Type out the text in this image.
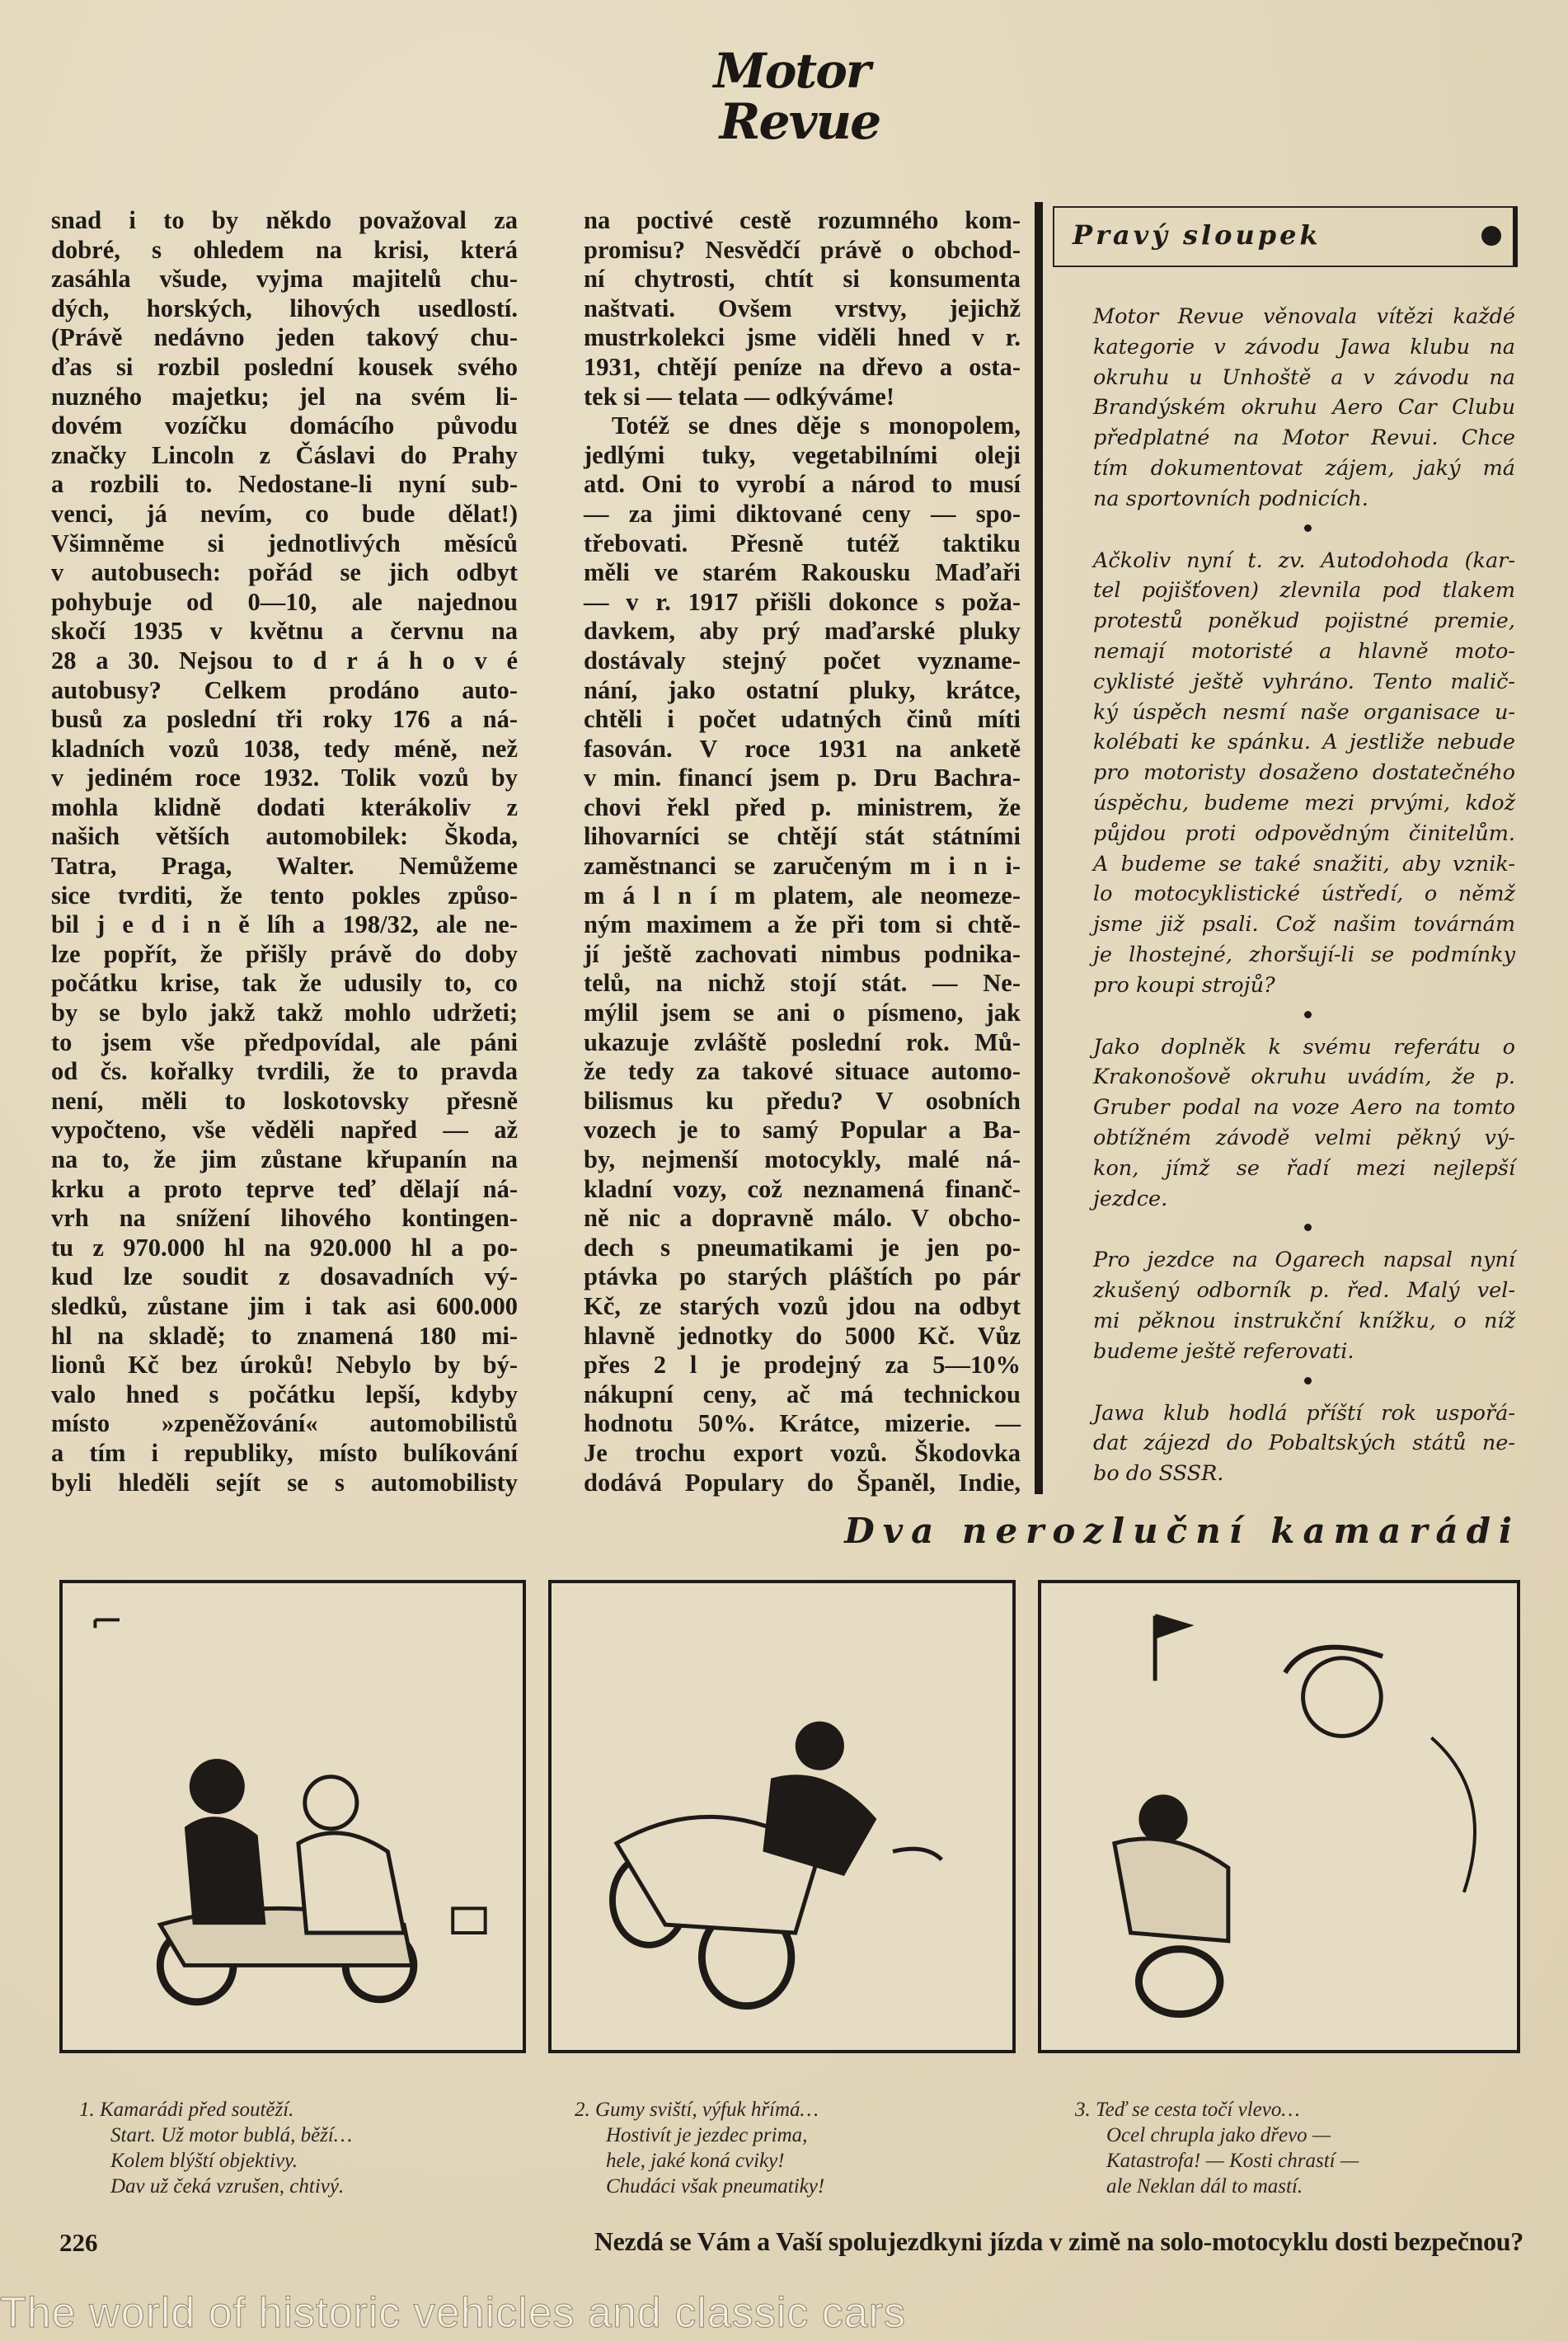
Motor
Revue
snad i to by někdo považoval za
dobré, s ohledem na krisi, která
zasáhla všude, vyjma majitelů chu-
dých, horských, lihových usedlostí.
(Právě nedávno jeden takový chu-
ďas si rozbil poslední kousek svého
nuzného majetku; jel na svém li-
dovém vozíčku domácího původu
značky Lincoln z Čáslavi do Prahy
a rozbili to. Nedostane-li nyní sub-
venci, já nevím, co bude dělat!)
Všimněme si jednotlivých měsíců
v autobusech: pořád se jich odbyt
pohybuje od 0—10, ale najednou
skočí 1935 v květnu a červnu na
28 a 30. Nejsou to d r á h o v é
autobusy? Celkem prodáno auto-
busů za poslední tři roky 176 a ná-
kladních vozů 1038, tedy méně, než
v jediném roce 1932. Tolik vozů by
mohla klidně dodati kterákoliv z
našich větších automobilek: Škoda,
Tatra, Praga, Walter. Nemůžeme
sice tvrditi, že tento pokles způso-
bil j e d i n ě líh a 198/32, ale ne-
lze popřít, že přišly právě do doby
počátku krise, tak že udusily to, co
by se bylo jakž takž mohlo udržeti;
to jsem vše předpovídal, ale páni
od čs. kořalky tvrdili, že to pravda
není, měli to loskotovsky přesně
vypočteno, vše věděli napřed — až
na to, že jim zůstane křupanín na
krku a proto teprve teď dělají ná-
vrh na snížení lihového kontingen-
tu z 970.000 hl na 920.000 hl a po-
kud lze soudit z dosavadních vý-
sledků, zůstane jim i tak asi 600.000
hl na skladě; to znamená 180 mi-
lionů Kč bez úroků! Nebylo by bý-
valo hned s počátku lepší, kdyby
místo »zpeněžování« automobilistů
a tím i republiky, místo bulíkování
byli hleděli sejít se s automobilisty
na poctivé cestě rozumného kom-
promisu? Nesvědčí právě o obchod-
ní chytrosti, chtít si konsumenta
naštvati. Ovšem vrstvy, jejichž
mustrkolekci jsme viděli hned v r.
1931, chtějí peníze na dřevo a osta-
tek si — telata — odkýváme!
Totéž se dnes děje s monopolem,
jedlými tuky, vegetabilními oleji
atd. Oni to vyrobí a národ to musí
— za jimi diktované ceny — spo-
třebovati. Přesně tutéž taktiku
měli ve starém Rakousku Maďaři
— v r. 1917 přišli dokonce s poža-
davkem, aby prý maďarské pluky
dostávaly stejný počet vyzname-
nání, jako ostatní pluky, krátce,
chtěli i počet udatných činů míti
fasován. V roce 1931 na anketě
v min. financí jsem p. Dru Bachra-
chovi řekl před p. ministrem, že
lihovarníci se chtějí stát státními
zaměstnanci se zaručeným m i n i-
m á l n í m platem, ale neomeze-
ným maximem a že při tom si chtě-
jí ještě zachovati nimbus podnika-
telů, na nichž stojí stát. — Ne-
mýlil jsem se ani o písmeno, jak
ukazuje zvláště poslední rok. Mů-
že tedy za takové situace automo-
bilismus ku předu? V osobních
vozech je to samý Popular a Ba-
by, nejmenší motocykly, malé ná-
kladní vozy, což neznamená finanč-
ně nic a dopravně málo. V obcho-
dech s pneumatikami je jen po-
ptávka po starých pláštích po pár
Kč, ze starých vozů jdou na odbyt
hlavně jednotky do 5000 Kč. Vůz
přes 2 l je prodejný za 5—10%
nákupní ceny, ač má technickou
hodnotu 50%. Krátce, mizerie. —
Je trochu export vozů. Škodovka
dodává Populary do Španěl, Indie,
Pravý sloupek
Motor Revue věnovala vítězi každé
kategorie v závodu Jawa klubu na
okruhu u Unhoště a v závodu na
Brandýském okruhu Aero Car Clubu
předplatné na Motor Revui. Chce
tím dokumentovat zájem, jaký má
na sportovních podnicích.
Ačkoliv nyní t. zv. Autodohoda (kar-
tel pojišťoven) zlevnila pod tlakem
protestů poněkud pojistné premie,
nemají motoristé a hlavně moto-
cyklisté ještě vyhráno. Tento malič-
ký úspěch nesmí naše organisace u-
kolébati ke spánku. A jestliže nebude
pro motoristy dosaženo dostatečného
úspěchu, budeme mezi prvými, kdož
půjdou proti odpovědným činitelům.
A budeme se také snažiti, aby vznik-
lo motocyklistické ústředí, o němž
jsme již psali. Což našim továrnám
je lhostejné, zhoršují-li se podmínky
pro koupi strojů?
Jako doplněk k svému referátu o
Krakonošově okruhu uvádím, že p.
Gruber podal na voze Aero na tomto
obtížném závodě velmi pěkný vý-
kon, jímž se řadí mezi nejlepší
jezdce.
Pro jezdce na Ogarech napsal nyní
zkušený odborník p. řed. Malý vel-
mi pěknou instrukční knížku, o níž
budeme ještě referovati.
Jawa klub hodlá příští rok uspořá-
dat zájezd do Pobaltských států ne-
bo do SSSR.
Dva nerozluční kamarádi
1. Kamarádi před soutěží.
Start. Už motor bublá, běží…
Kolem blýští objektivy.
Dav už čeká vzrušen, chtivý.
2. Gumy sviští, výfuk hřímá…
Hostivít je jezdec prima,
hele, jaké koná cviky!
Chudáci však pneumatiky!
3. Teď se cesta točí vlevo…
Ocel chrupla jako dřevo —
Katastrofa! — Kosti chrastí —
ale Neklan dál to mastí.
226	Nezdá se Vám a Vaší spolujezdkyni jízda v zimě na solo-motocyklu dosti bezpečnou?
The world of historic vehicles and classic cars
